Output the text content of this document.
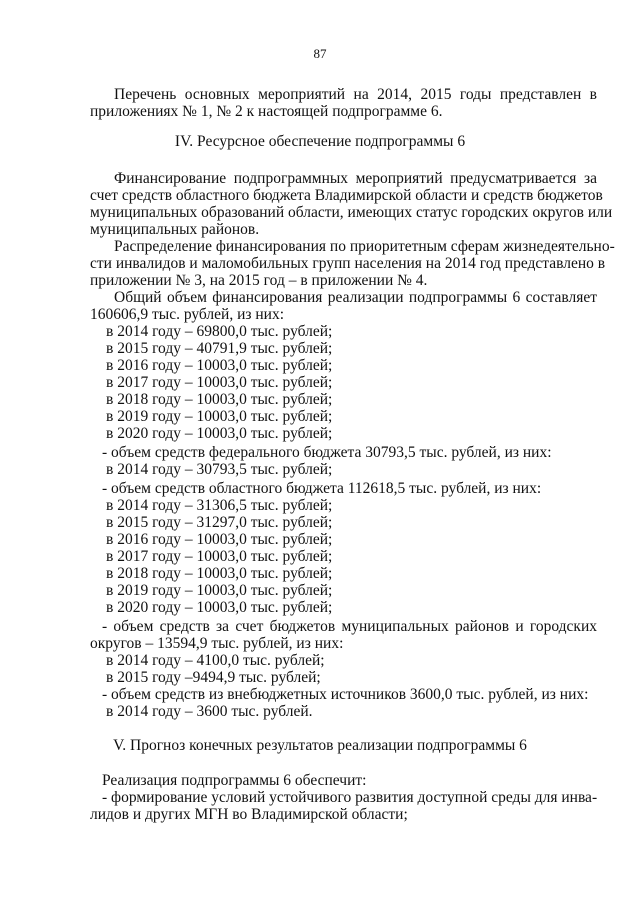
87
Перечень основных мероприятий на 2014, 2015 годы представлен в
приложениях № 1, № 2 к настоящей подпрограмме 6.
IV. Ресурсное обеспечение подпрограммы 6
Финансирование подпрограммных мероприятий предусматривается за
счет средств областного бюджета Владимирской области и средств бюджетов
муниципальных образований области, имеющих статус городских округов или
муниципальных районов.
Распределение финансирования по приоритетным сферам жизнедеятельно-
сти инвалидов и маломобильных групп населения на 2014 год представлено в
приложении № 3, на 2015 год – в приложении № 4.
Общий объем финансирования реализации подпрограммы 6 составляет
160606,9 тыс. рублей, из них:
в 2014 году – 69800,0 тыс. рублей;
в 2015 году – 40791,9 тыс. рублей;
в 2016 году – 10003,0 тыс. рублей;
в 2017 году – 10003,0 тыс. рублей;
в 2018 году – 10003,0 тыс. рублей;
в 2019 году – 10003,0 тыс. рублей;
в 2020 году – 10003,0 тыс. рублей;
- объем средств федерального бюджета 30793,5 тыс. рублей, из них:
в 2014 году – 30793,5 тыс. рублей;
- объем средств областного бюджета 112618,5 тыс. рублей, из них:
в 2014 году – 31306,5 тыс. рублей;
в 2015 году – 31297,0 тыс. рублей;
в 2016 году – 10003,0 тыс. рублей;
в 2017 году – 10003,0 тыс. рублей;
в 2018 году – 10003,0 тыс. рублей;
в 2019 году – 10003,0 тыс. рублей;
в 2020 году – 10003,0 тыс. рублей;
- объем средств за счет бюджетов муниципальных районов и городских
округов – 13594,9 тыс. рублей, из них:
в 2014 году – 4100,0 тыс. рублей;
в 2015 году –9494,9 тыс. рублей;
- объем средств из внебюджетных источников 3600,0 тыс. рублей, из них:
в 2014 году – 3600 тыс. рублей.
V. Прогноз конечных результатов реализации подпрограммы 6
Реализация подпрограммы 6 обеспечит:
- формирование условий устойчивого развития доступной среды для инва-
лидов и других МГН во Владимирской области;
